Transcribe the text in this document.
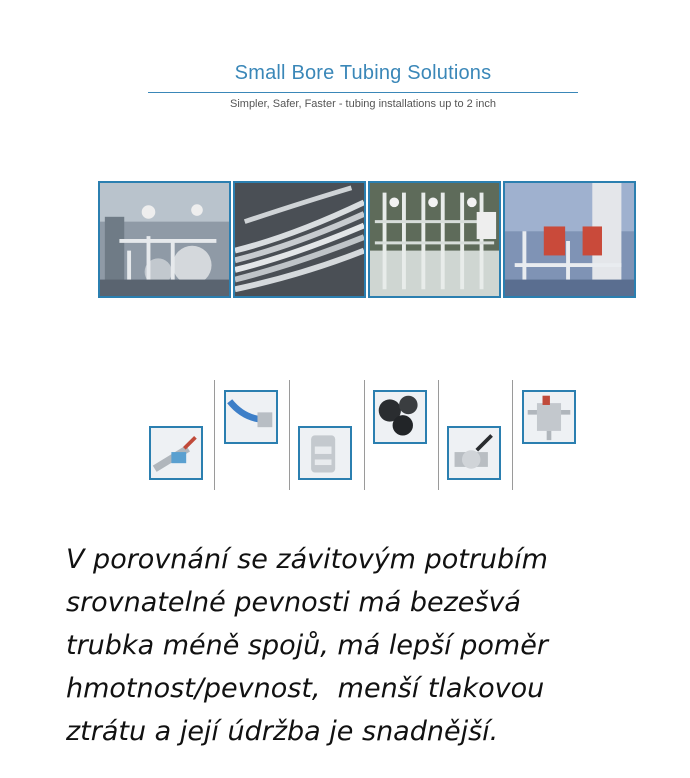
Small Bore Tubing Solutions
Simpler, Safer, Faster - tubing installations up to 2 inch
V porovnání se závitovým potrubím
srovnatelné pevnosti má bezešvá
trubka méně spojů, má lepší poměr
hmotnost/pevnost,  menší tlakovou
ztrátu a její údržba je snadnější.
